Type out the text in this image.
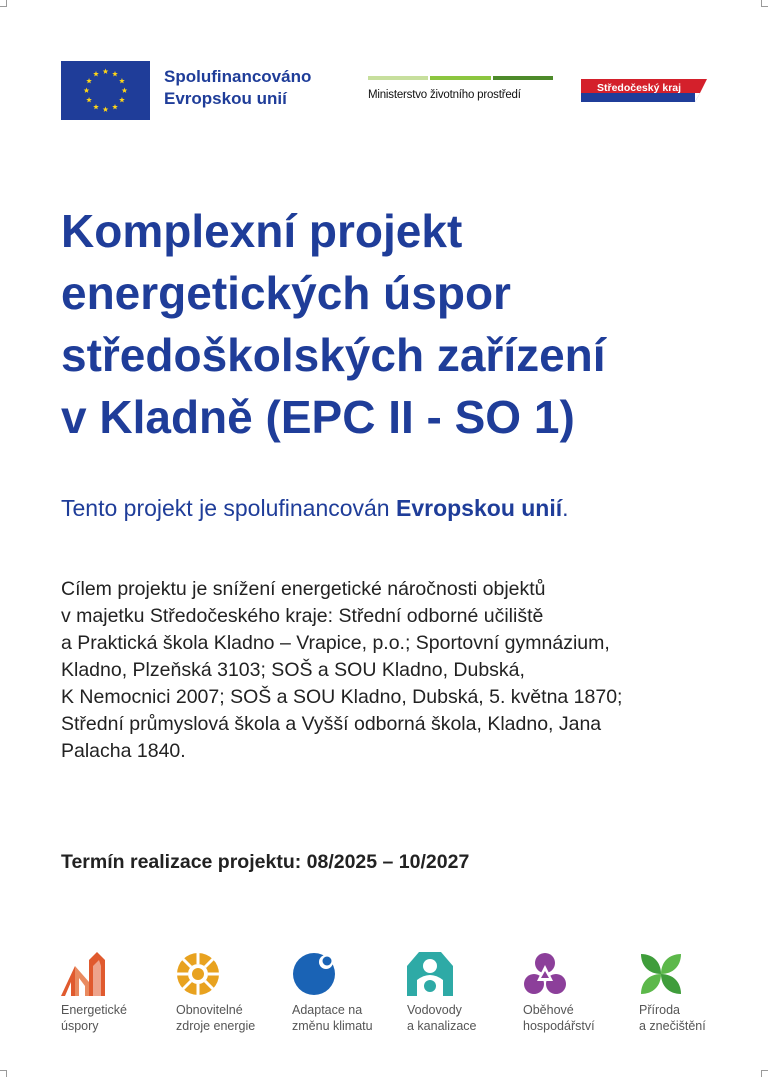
Spolufinancováno
Evropskou unií	Ministerstvo životního prostředí
Středočeský kraj
Komplexní projekt
energetických úspor
středoškolských zařízení
v Kladně (EPC II - SO 1)
Tento projekt je spolufinancován Evropskou unií.
Cílem projektu je snížení energetické náročnosti objektů
v majetku Středočeského kraje: Střední odborné učiliště
a Praktická škola Kladno – Vrapice, p.o.; Sportovní gymnázium,
Kladno, Plzeňská 3103; SOŠ a SOU Kladno, Dubská,
K Nemocnici 2007; SOŠ a SOU Kladno, Dubská, 5. května 1870;
Střední průmyslová škola a Vyšší odborná škola, Kladno, Jana
Palacha 1840.
Termín realizace projektu: 08/2025 – 10/2027
Energetické
úspory
Obnovitelné
zdroje energie
Adaptace na
změnu klimatu
Vodovody
a kanalizace
Oběhové
hospodářství
Příroda
a znečištění
